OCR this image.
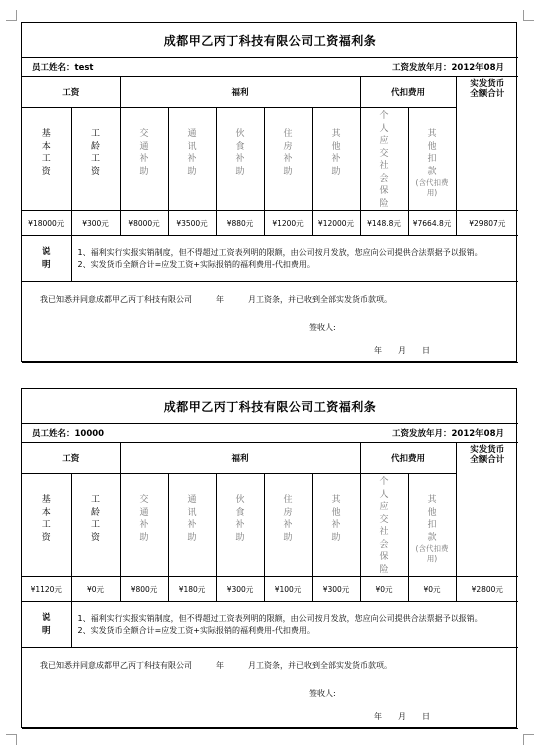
成都甲乙丙丁科技有限公司工资福利条									

员工姓名：test 工资发放年月：2012年08月									

工资		福利					代扣费用		实发货币
全额合计

基本工资	工龄工资	交通补助	通讯补助	伙食补助	住房补助	其他补助	个人应交社会保险	其他扣款
(含代扣费用)	

¥18000元	¥300元	¥8000元	¥3500元	¥880元	¥1200元	¥12000元	¥148.8元	¥7664.8元	¥29807元
说明	1、福利实行实报实销制度，但不得超过工资表列明的限额，由公司按月发放，您应向公司提供合法票据予以报销。
2、实发货币全额合计=应发工资+实际报销的福利费用-代扣费用。								

我已知悉并同意成都甲乙丙丁科技有限公司　　　年　　　月工资条，并已收到全部实发货币款项。
签收人:
年　　月　　日									
成都甲乙丙丁科技有限公司工资福利条									

员工姓名：10000 工资发放年月：2012年08月									

工资		福利					代扣费用		实发货币
全额合计

基本工资	工龄工资	交通补助	通讯补助	伙食补助	住房补助	其他补助	个人应交社会保险	其他扣款
(含代扣费用)	

¥1120元	¥0元	¥800元	¥180元	¥300元	¥100元	¥300元	¥0元	¥0元	¥2800元
说明	1、福利实行实报实销制度，但不得超过工资表列明的限额，由公司按月发放，您应向公司提供合法票据予以报销。
2、实发货币全额合计=应发工资+实际报销的福利费用-代扣费用。								

我已知悉并同意成都甲乙丙丁科技有限公司　　　年　　　月工资条，并已收到全部实发货币款项。
签收人:
年　　月　　日									
